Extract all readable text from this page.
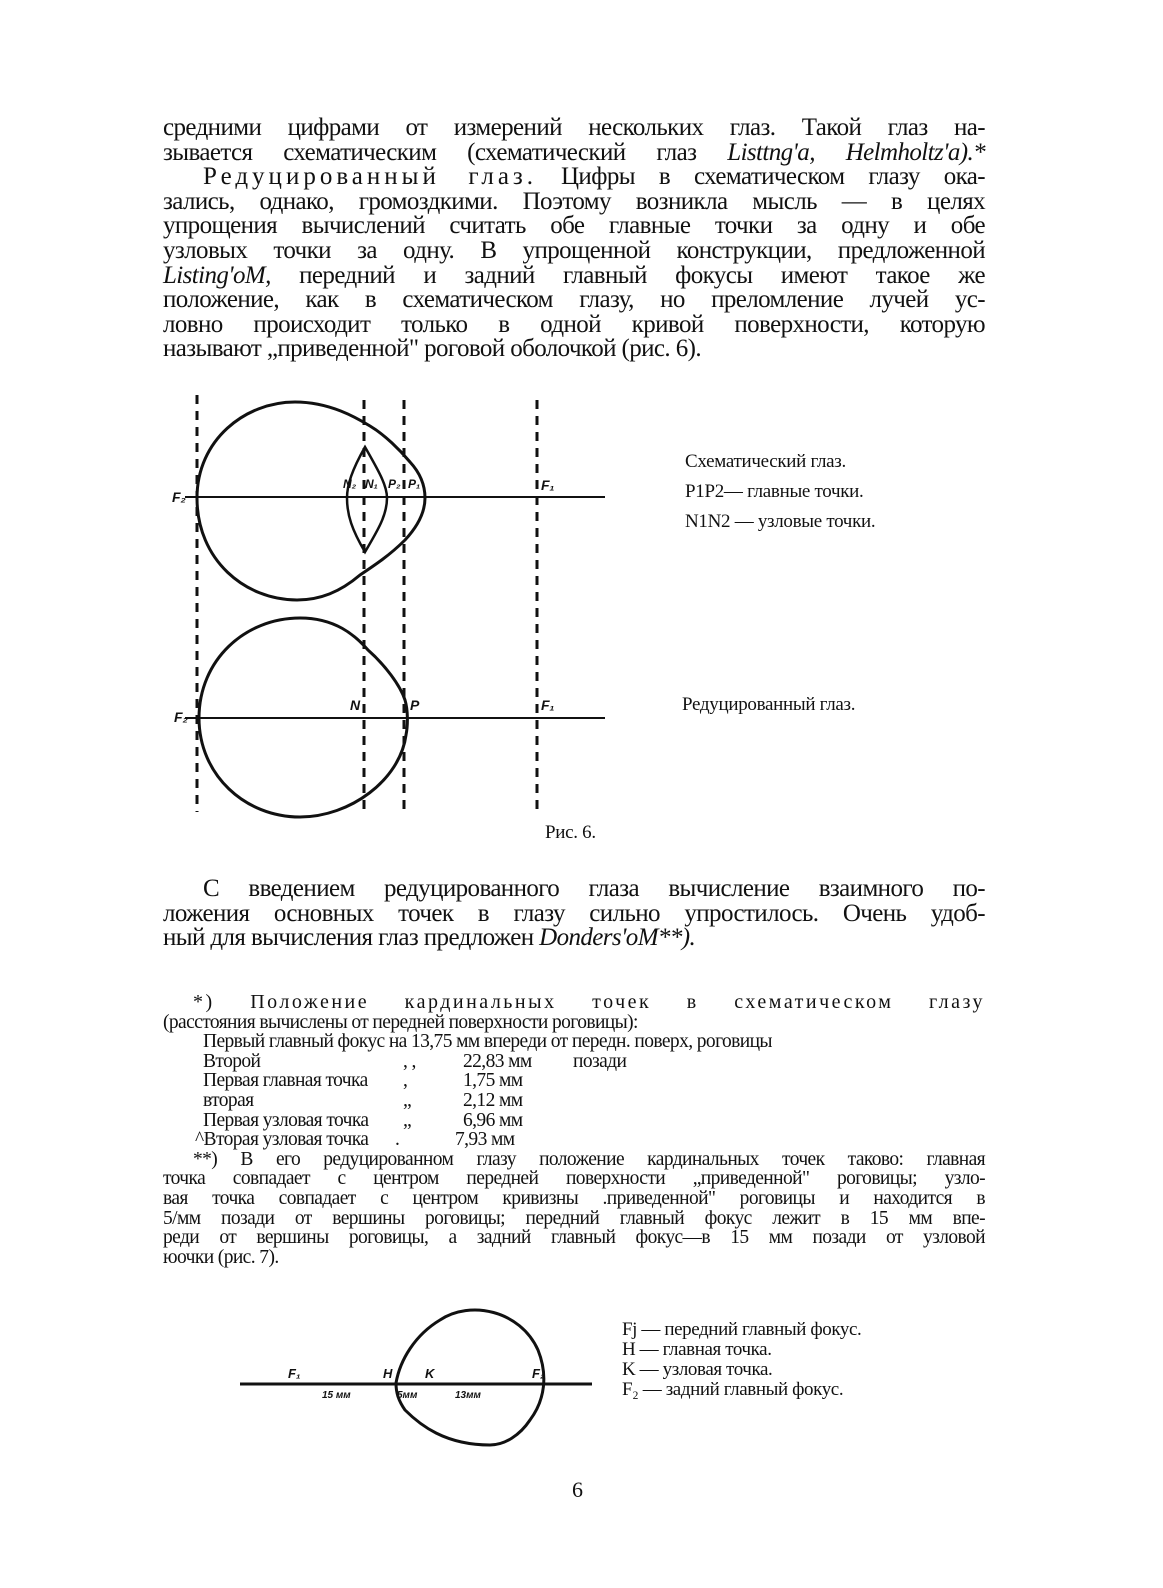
средними цифрами от измерений нескольких глаз. Такой глаз на-
зывается схематическим (схематический глаз Listtng'a, Helmholtz'a).*
Редуцированный глаз. Цифры в схематическом глазу ока-
зались, однако, громоздкими. Поэтому возникла мысль — в целях
упрощения вычислений считать обе главные точки за одну и обе
узловых точки за одну. В упрощенной конструкции, предложенной
Listing'oM, передний и задний главный фокусы имеют такое же
положение, как в схематическом глазу, но преломление лучей ус-
ловно происходит только в одной кривой поверхности, которую
называют „приведенной" роговой оболочкой (рис. 6).
F₂
N₂ N₁ P₂ P₁	F₁
N	P
F₂
F₁
F₁	H	K	F₂
15 мм	5мм	13мм
Схематический глаз.
P1P2— главные точки.
N1N2 — узловые точки.
Редуцированный глаз.
Рис. 6.
С введением редуцированного глаза вычисление взаимного по-
ложения основных точек в глазу сильно упростилось. Очень удоб-
ный для вычисления глаз предложен Donders'oM**).
*) Положение кардинальных точек в схематическом глазу
(расстояния вычислены от передней поверхности роговицы):
Первый главный фокус на 13,75 мм впереди от передн. поверх, роговицы
Второй	, ,	22,83 мм	позади
Первая главная точка	,	1,75 мм
вторая	„	2,12 мм
Первая узловая точка	„	6,96 мм
^Вторая узловая точка	.	7,93 мм
**) В его редуцированном глазу положение кардинальных точек таково: главная
точка совпадает с центром передней поверхности „приведенной" роговицы; узло-
вая точка совпадает с центром кривизны .приведенной" роговицы и находится в
5/мм позади от вершины роговицы; передний главный фокус лежит в 15 мм впе-
реди от вершины роговицы, а задний главный фокус—в 15 мм позади от узловой
юочки (рис. 7).
Fj — передний главный фокус.
H — главная точка.
K — узловая точка.
F₂ — задний главный фокус.
6
